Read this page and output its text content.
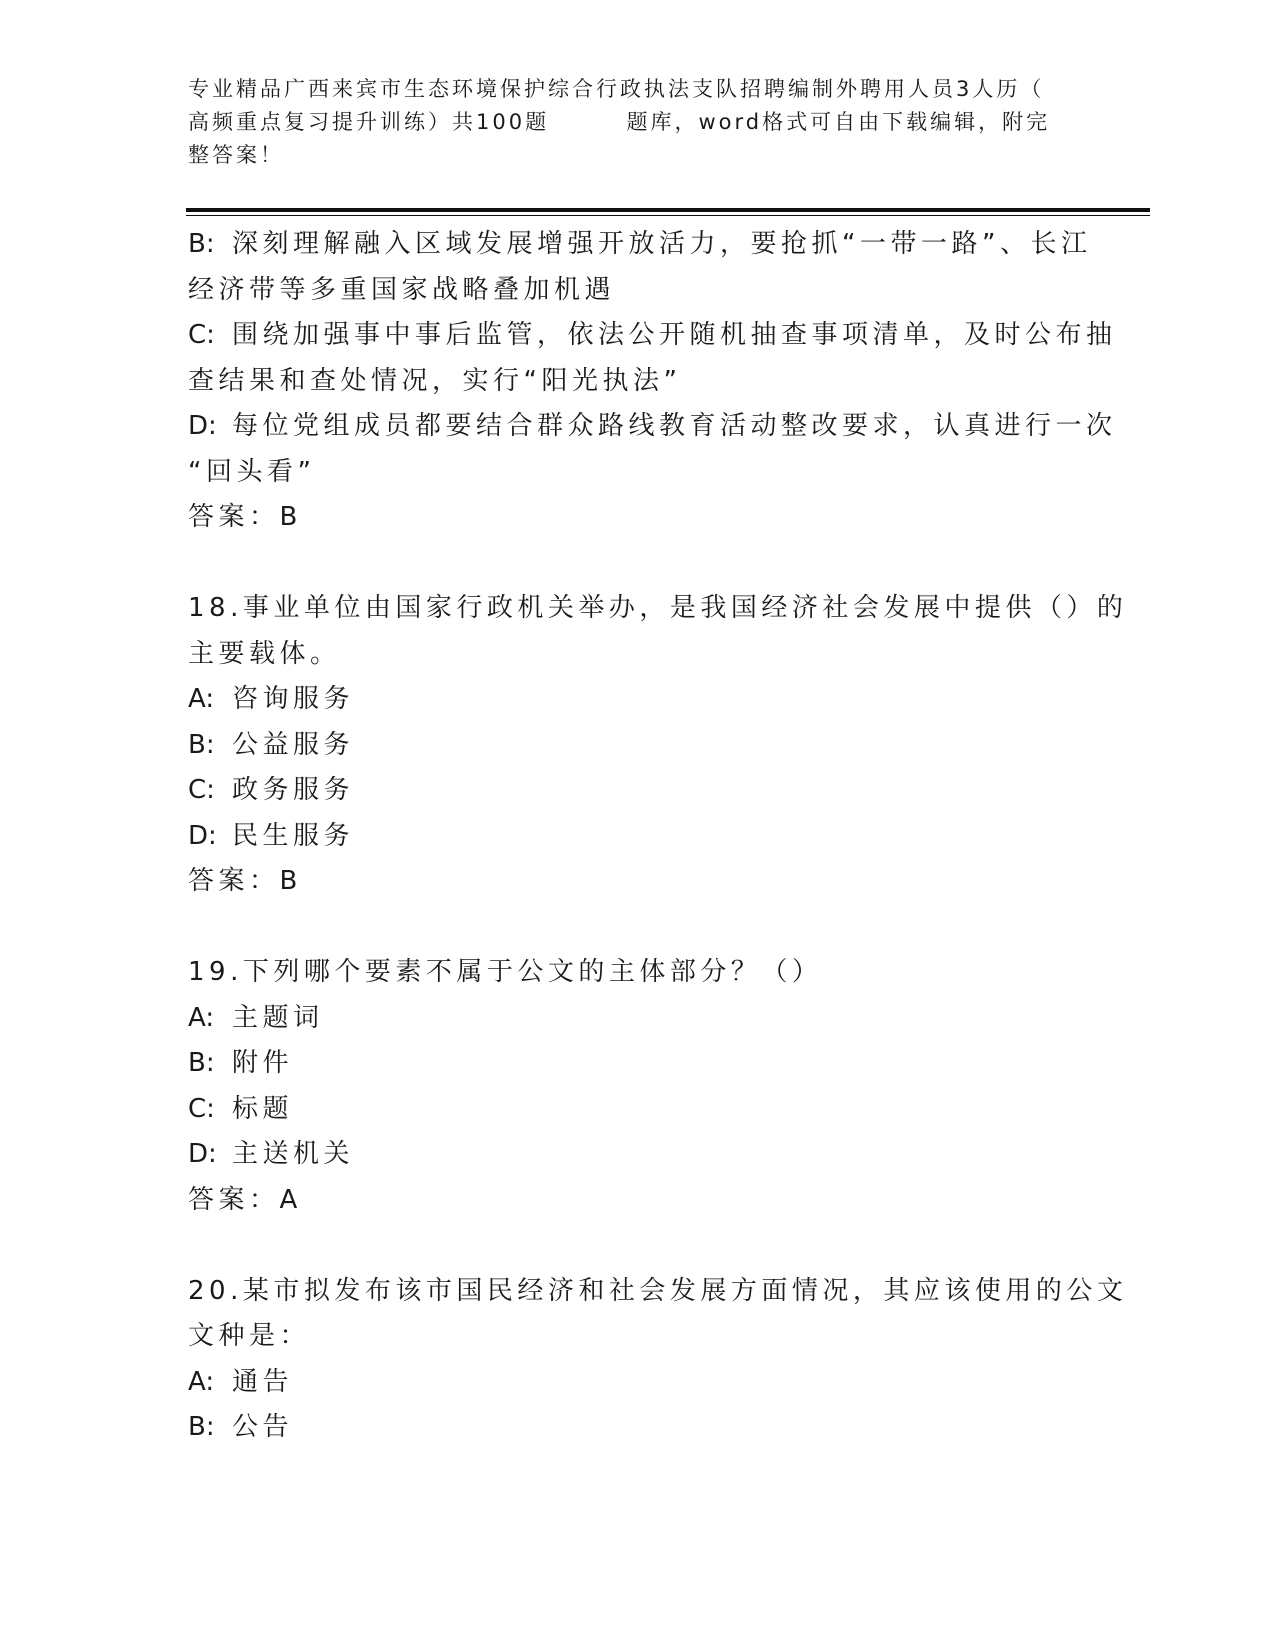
专业精品广西来宾市生态环境保护综合行政执法支队招聘编制外聘用人员3人历（
高频重点复习提升训练）共100题        题库，word格式可自由下载编辑，附完
整答案！
B: 深刻理解融入区域发展增强开放活力，要抢抓“一带一路”、长江
经济带等多重国家战略叠加机遇
C: 围绕加强事中事后监管，依法公开随机抽查事项清单，及时公布抽
查结果和查处情况，实行“阳光执法”
D: 每位党组成员都要结合群众路线教育活动整改要求，认真进行一次
“回头看”
答案：B
18.事业单位由国家行政机关举办，是我国经济社会发展中提供（）的
主要载体。
A: 咨询服务
B: 公益服务
C: 政务服务
D: 民生服务
答案：B
19.下列哪个要素不属于公文的主体部分？（）
A: 主题词
B: 附件
C: 标题
D: 主送机关
答案：A
20.某市拟发布该市国民经济和社会发展方面情况，其应该使用的公文
文种是：
A: 通告
B: 公告
